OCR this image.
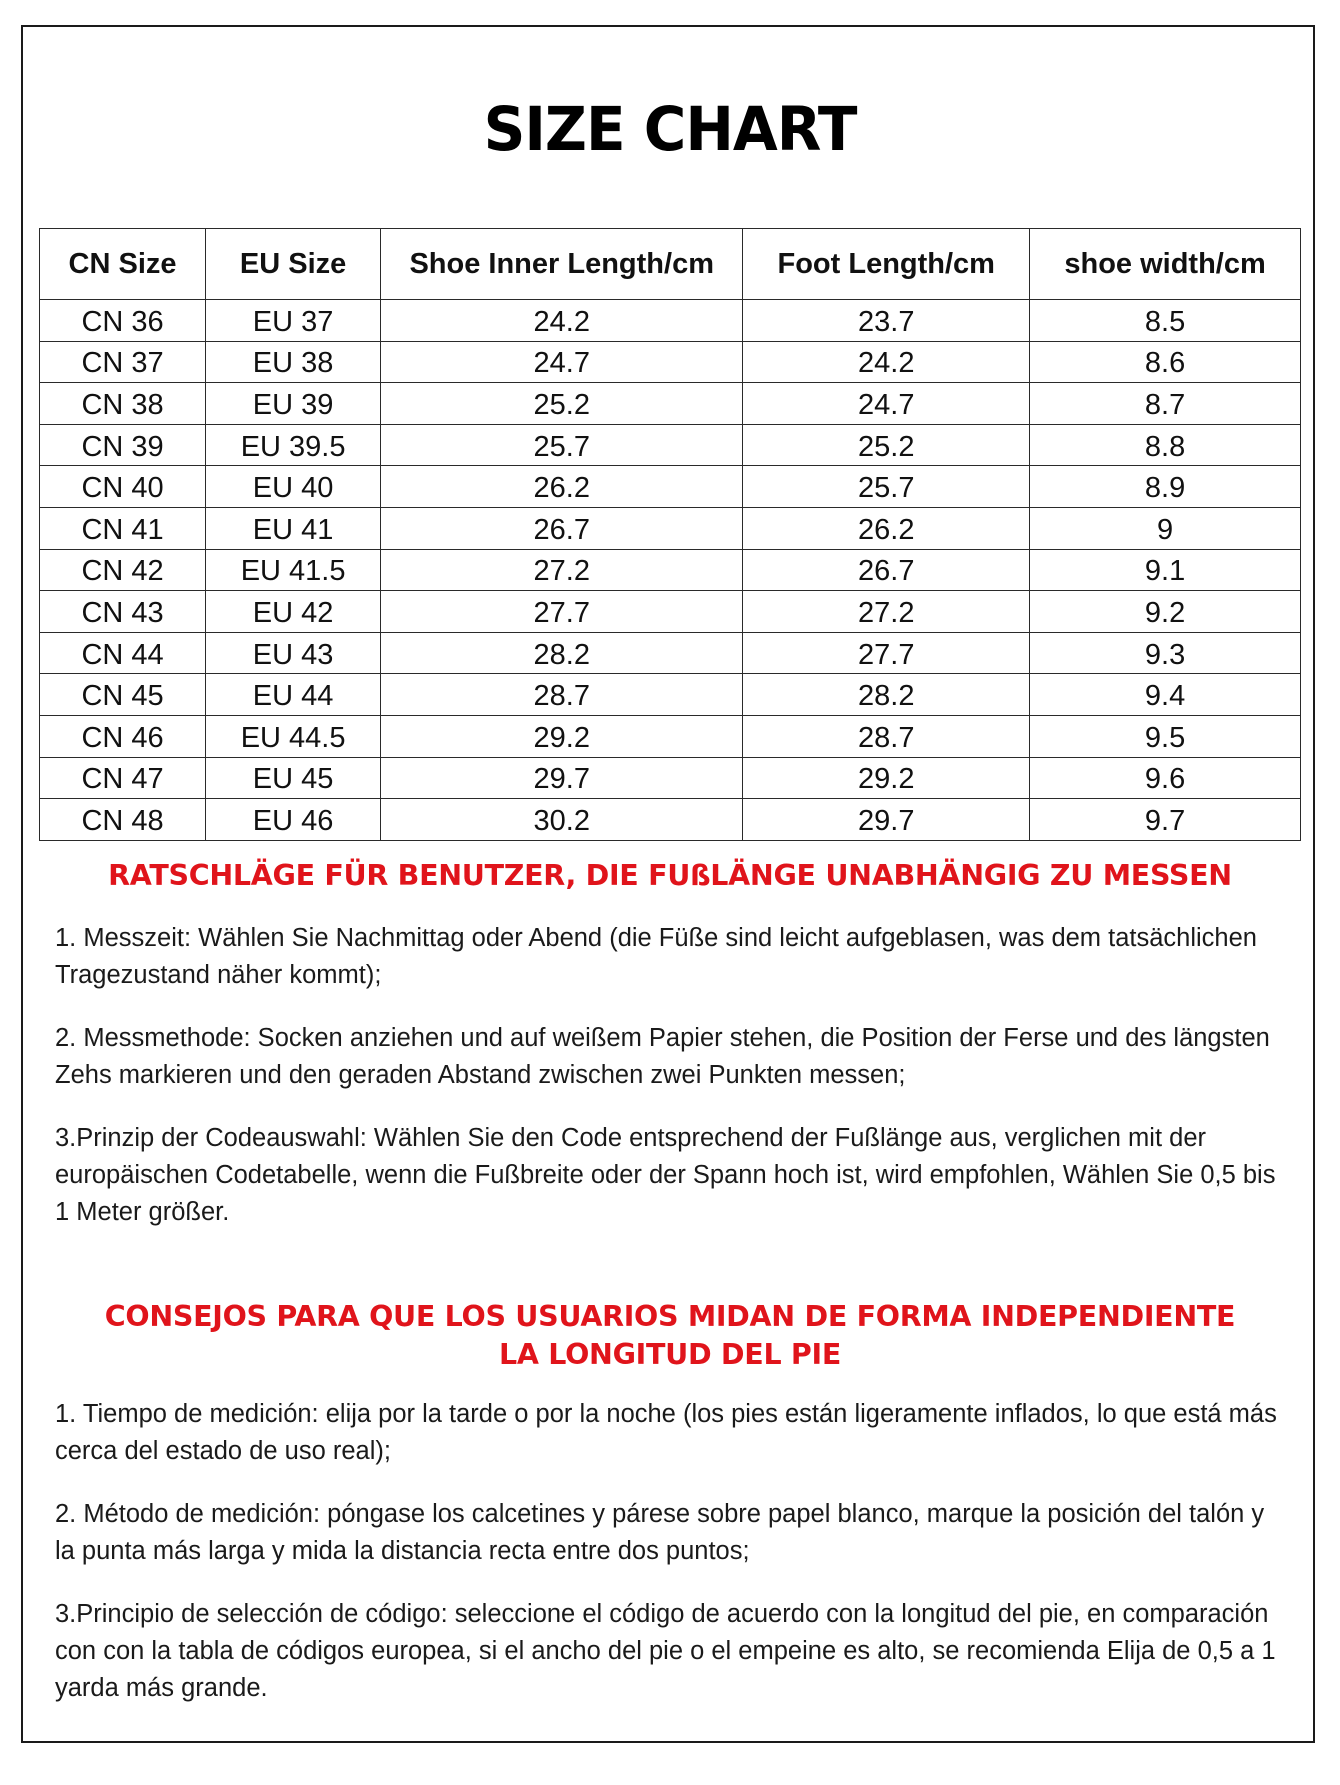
SIZE CHART
CN Size	EU Size	Shoe Inner Length/cm	Foot Length/cm	shoe width/cm
CN 36	EU 37	24.2	23.7	8.5
CN 37	EU 38	24.7	24.2	8.6
CN 38	EU 39	25.2	24.7	8.7
CN 39	EU 39.5	25.7	25.2	8.8
CN 40	EU 40	26.2	25.7	8.9
CN 41	EU 41	26.7	26.2	9
CN 42	EU 41.5	27.2	26.7	9.1
CN 43	EU 42	27.7	27.2	9.2
CN 44	EU 43	28.2	27.7	9.3
CN 45	EU 44	28.7	28.2	9.4
CN 46	EU 44.5	29.2	28.7	9.5
CN 47	EU 45	29.7	29.2	9.6
CN 48	EU 46	30.2	29.7	9.7
RATSCHLÄGE FÜR BENUTZER, DIE FUßLÄNGE UNABHÄNGIG ZU MESSEN
1. Messzeit: Wählen Sie Nachmittag oder Abend (die Füße sind leicht aufgeblasen, was dem tatsächlichen Tragezustand näher kommt);
2. Messmethode: Socken anziehen und auf weißem Papier stehen, die Position der Ferse und des längsten Zehs markieren und den geraden Abstand zwischen zwei Punkten messen;
3.Prinzip der Codeauswahl: Wählen Sie den Code entsprechend der Fußlänge aus, verglichen mit der europäischen Codetabelle, wenn die Fußbreite oder der Spann hoch ist, wird empfohlen, Wählen Sie 0,5 bis 1 Meter größer.
CONSEJOS PARA QUE LOS USUARIOS MIDAN DE FORMA INDEPENDIENTE
LA LONGITUD DEL PIE
1. Tiempo de medición: elija por la tarde o por la noche (los pies están ligeramente inflados, lo que está más cerca del estado de uso real);
2. Método de medición: póngase los calcetines y párese sobre papel blanco, marque la posición del talón y la punta más larga y mida la distancia recta entre dos puntos;
3.Principio de selección de código: seleccione el código de acuerdo con la longitud del pie, en comparación con con la tabla de códigos europea, si el ancho del pie o el empeine es alto, se recomienda Elija de 0,5 a 1 yarda más grande.
